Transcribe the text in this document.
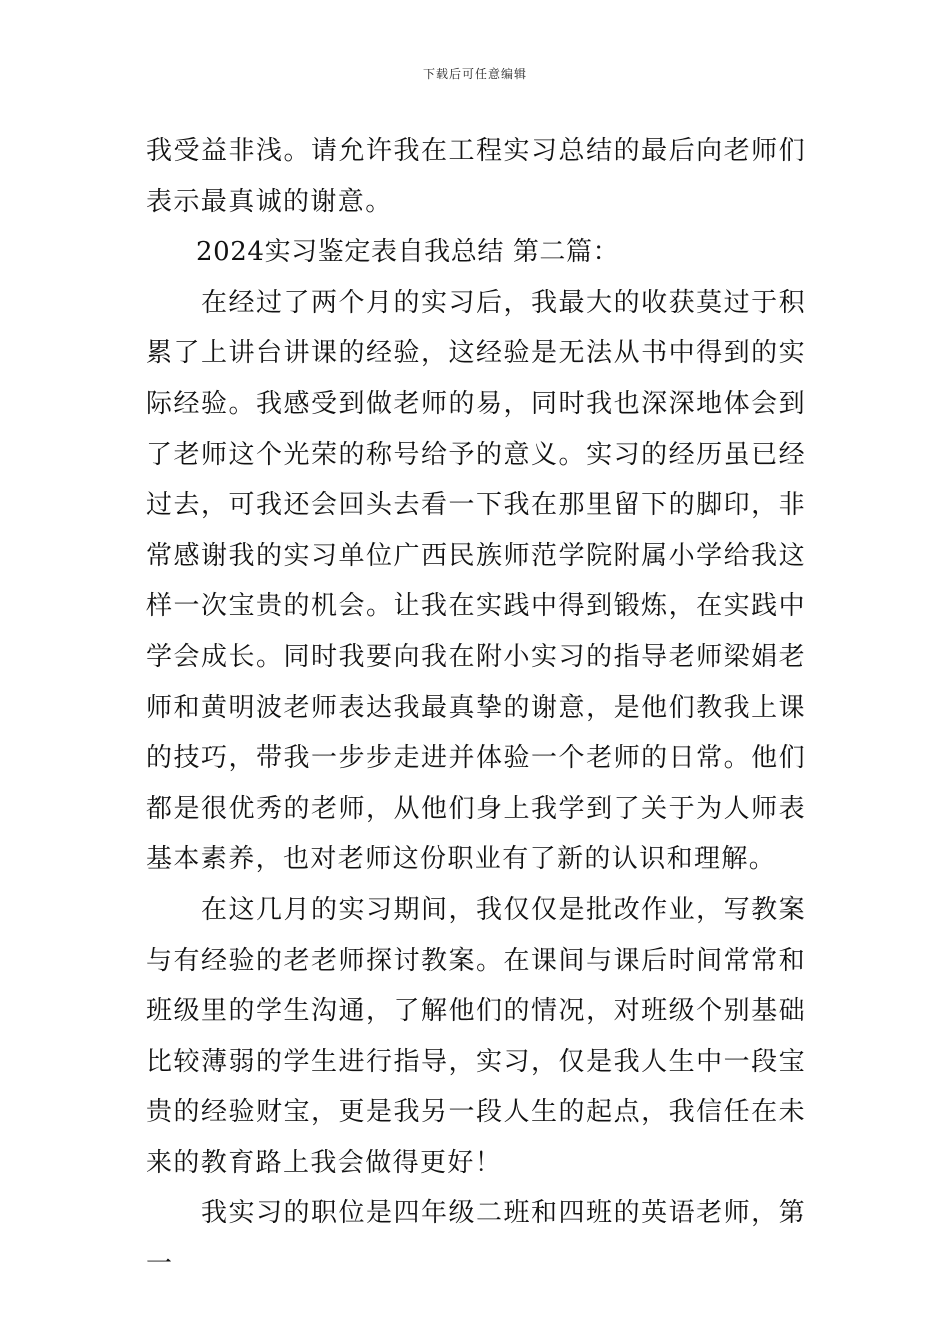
下载后可任意编辑

我受益非浅。请允许我在工程实习总结的最后向老师们表示最真诚的谢意。

2024实习鉴定表自我总结 第二篇：

在经过了两个月的实习后，我最大的收获莫过于积累了上讲台讲课的经验，这经验是无法从书中得到的实际经验。我感受到做老师的易，同时我也深深地体会到了老师这个光荣的称号给予的意义。实习的经历虽已经过去，可我还会回头去看一下我在那里留下的脚印，非常感谢我的实习单位广西民族师范学院附属小学给我这样一次宝贵的机会。让我在实践中得到锻炼，在实践中学会成长。同时我要向我在附小实习的指导老师梁娟老师和黄明波老师表达我最真挚的谢意，是他们教我上课的技巧，带我一步步走进并体验一个老师的日常。他们都是很优秀的老师，从他们身上我学到了关于为人师表基本素养，也对老师这份职业有了新的认识和理解。

在这几月的实习期间，我仅仅是批改作业，写教案与有经验的老老师探讨教案。在课间与课后时间常常和班级里的学生沟通，了解他们的情况，对班级个别基础比较薄弱的学生进行指导，实习，仅是我人生中一段宝贵的经验财宝，更是我另一段人生的起点，我信任在未来的教育路上我会做得更好！

我实习的职位是四年级二班和四班的英语老师，第一
